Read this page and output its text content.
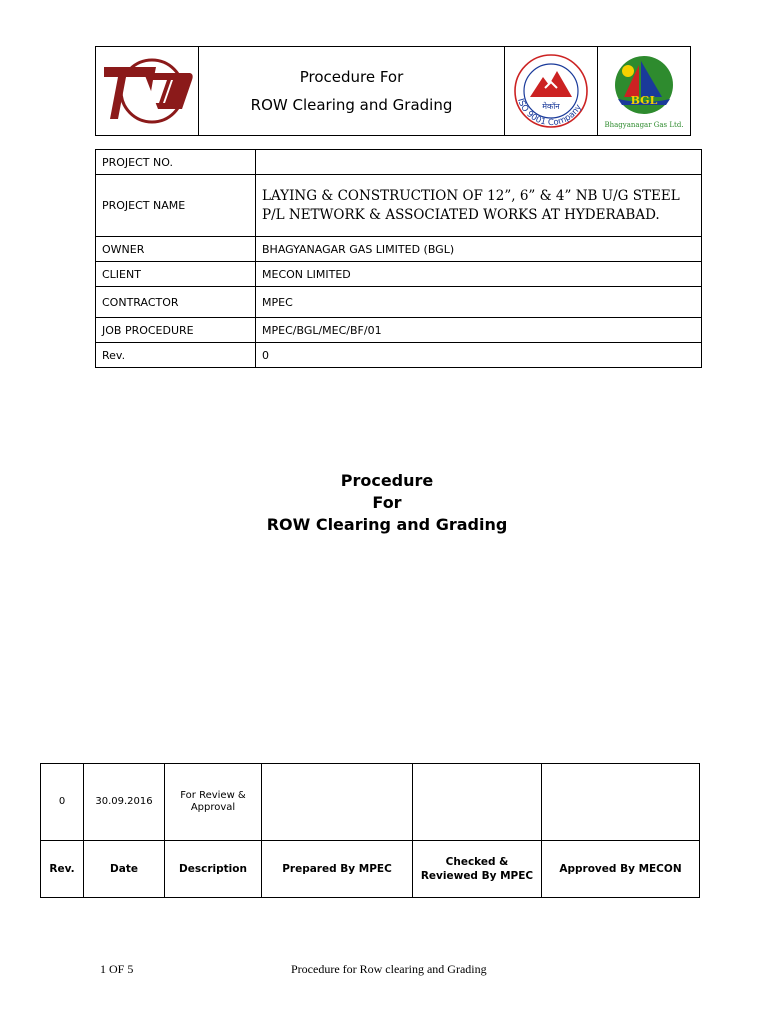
Procedure For
ROW Clearing and Grading	मेकॉन
ISO 9001 Company
BGL
Bhagyanagar Gas Ltd.
PROJECT NO.	
PROJECT NAME	LAYING & CONSTRUCTION OF 12”, 6” & 4” NB U/G STEEL P/L NETWORK & ASSOCIATED WORKS AT HYDERABAD.
OWNER	BHAGYANAGAR GAS LIMITED (BGL)
CLIENT	MECON LIMITED
CONTRACTOR	MPEC
JOB PROCEDURE	MPEC/BGL/MEC/BF/01
Rev.	0
Procedure
For
ROW Clearing and Grading
0	30.09.2016	For Review & Approval			
Rev.	Date	Description	Prepared By MPEC	Checked & Reviewed By MPEC	Approved By MECON
1 OF 5	Procedure for Row clearing and Grading
